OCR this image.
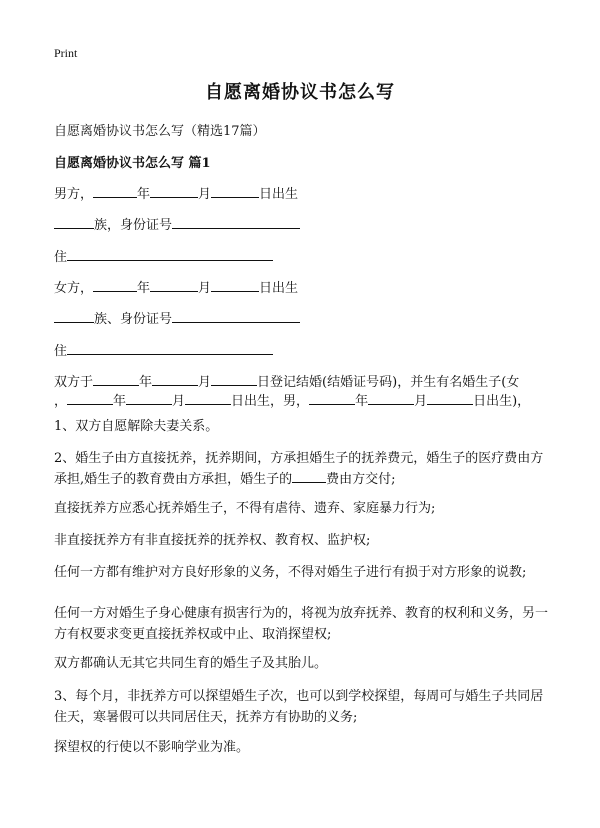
Print
自愿离婚协议书怎么写
自愿离婚协议书怎么写（精选17篇）
自愿离婚协议书怎么写 篇1
男方，	年	月	日出生
族，身份证号
住
女方，	年	月	日出生
族、身份证号
住
双方于	年	月	日登记结婚(结婚证号码)，并生有名婚生子(女
，	年	月	日出生，男，	年	月	日出生)，
1、双方自愿解除夫妻关系。
2、婚生子由方直接抚养，抚养期间，方承担婚生子的抚养费元，婚生子的医疗费由方承担,婚生子的教育费由方承担，婚生子的	费由方交付;
直接抚养方应悉心抚养婚生子，不得有虐待、遗弃、家庭暴力行为;
非直接抚养方有非直接抚养的抚养权、教育权、监护权;
任何一方都有维护对方良好形象的义务，不得对婚生子进行有损于对方形象的说教;
任何一方对婚生子身心健康有损害行为的，将视为放弃抚养、教育的权利和义务，另一方有权要求变更直接抚养权或中止、取消探望权;
双方都确认无其它共同生育的婚生子及其胎儿。
3、每个月，非抚养方可以探望婚生子次，也可以到学校探望，每周可与婚生子共同居住天，寒暑假可以共同居住天，抚养方有协助的义务;
探望权的行使以不影响学业为准。
